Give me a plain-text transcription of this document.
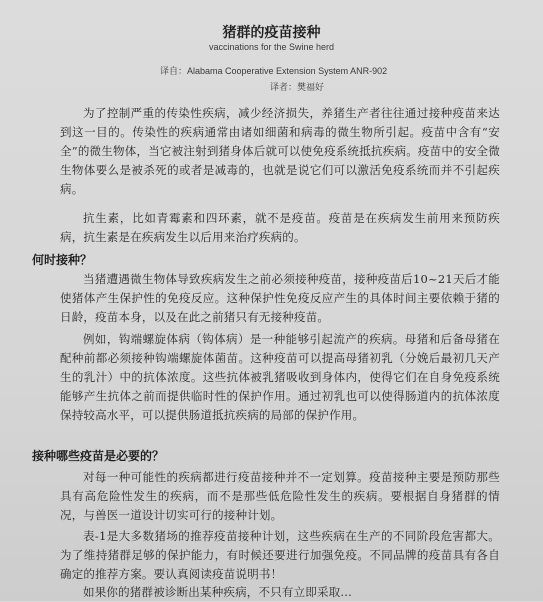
猪群的疫苗接种
vaccinations for the Swine herd
译自：Alabama Cooperative Extension System ANR-902
译者：樊福好
为了控制严重的传染性疾病，减少经济损失，养猪生产者往往通过接种疫苗来达到这一目的。传染性的疾病通常由诸如细菌和病毒的微生物所引起。疫苗中含有“安全”的微生物体，当它被注射到猪身体后就可以使免疫系统抵抗疾病。疫苗中的安全微生物体要么是被杀死的或者是减毒的，也就是说它们可以激活免疫系统而并不引起疾病。
抗生素，比如青霉素和四环素，就不是疫苗。疫苗是在疾病发生前用来预防疾病，抗生素是在疾病发生以后用来治疗疾病的。
何时接种？
当猪遭遇微生物体导致疾病发生之前必须接种疫苗，接种疫苗后10~21天后才能使猪体产生保护性的免疫反应。这种保护性免疫反应产生的具体时间主要依赖于猪的日龄，疫苗本身，以及在此之前猪只有无接种疫苗。
例如，钩端螺旋体病（钩体病）是一种能够引起流产的疾病。母猪和后备母猪在配种前都必须接种钩端螺旋体菌苗。这种疫苗可以提高母猪初乳（分娩后最初几天产生的乳汁）中的抗体浓度。这些抗体被乳猪吸收到身体内，使得它们在自身免疫系统能够产生抗体之前而提供临时性的保护作用。通过初乳也可以使得肠道内的抗体浓度保持较高水平，可以提供肠道抵抗疾病的局部的保护作用。
接种哪些疫苗是必要的？
对每一种可能性的疾病都进行疫苗接种并不一定划算。疫苗接种主要是预防那些具有高危险性发生的疾病，而不是那些低危险性发生的疾病。要根据自身猪群的情况，与兽医一道设计切实可行的接种计划。
表-1是大多数猪场的推荐疫苗接种计划，这些疾病在生产的不同阶段危害都大。为了维持猪群足够的保护能力，有时候还要进行加强免疫。不同品牌的疫苗具有各自确定的推荐方案。要认真阅读疫苗说明书！
如果你的猪群被诊断出某种疾病，不只有立即采取...
